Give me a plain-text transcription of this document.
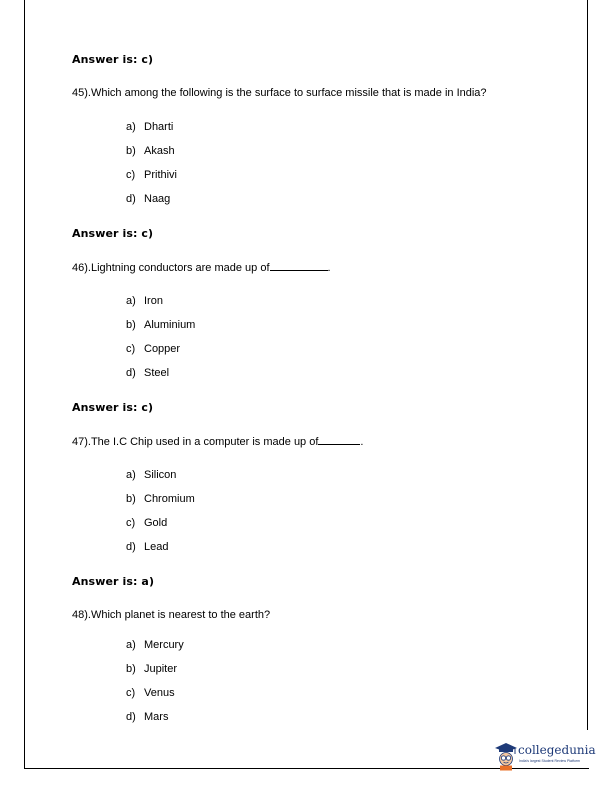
Answer is: c)
45).Which among the following is the surface to surface missile that is made in India?
a) Dharti
b) Akash
c) Prithivi
d) Naag
Answer is: c)
46).Lightning conductors are made up of	.
a) Iron
b) Aluminium
c) Copper
d) Steel
Answer is: c)
47).The I.C Chip used in a computer is made up of	.
a) Silicon
b) Chromium
c) Gold
d) Lead
Answer is: a)
48).Which planet is nearest to the earth?
a) Mercury
b) Jupiter
c) Venus
d) Mars
collegedunia
India's largest Student Review Platform
